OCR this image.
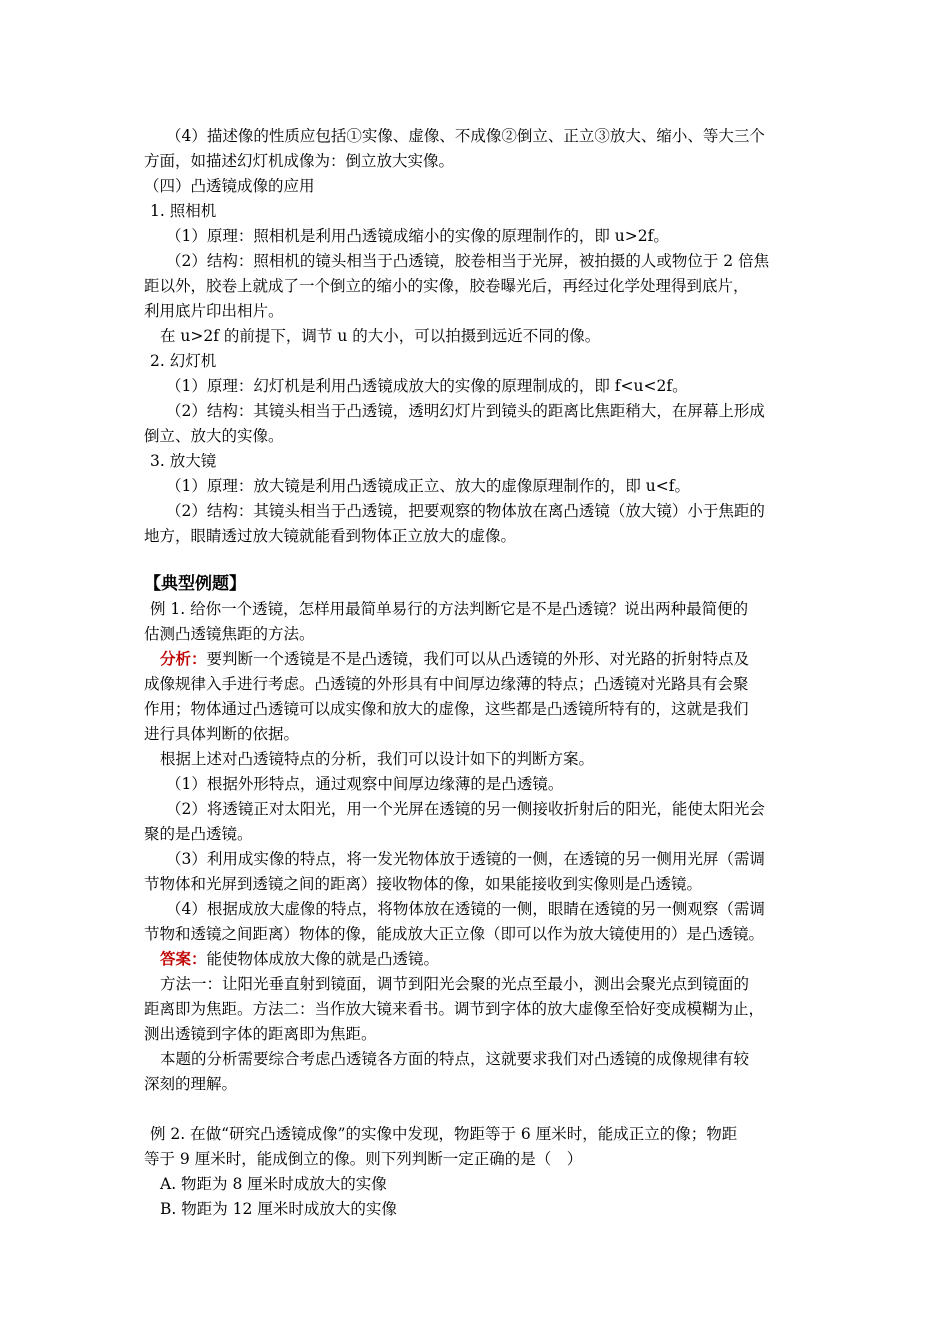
（4）描述像的性质应包括①实像、虚像、不成像②倒立、正立③放大、缩小、等大三个
方面，如描述幻灯机成像为：倒立放大实像。
（四）凸透镜成像的应用
1. 照相机
（1）原理：照相机是利用凸透镜成缩小的实像的原理制作的，即 u>2f。
（2）结构：照相机的镜头相当于凸透镜，胶卷相当于光屏，被拍摄的人或物位于 2 倍焦
距以外，胶卷上就成了一个倒立的缩小的实像，胶卷曝光后，再经过化学处理得到底片，
利用底片印出相片。
在 u>2f 的前提下，调节 u 的大小，可以拍摄到远近不同的像。
2. 幻灯机
（1）原理：幻灯机是利用凸透镜成放大的实像的原理制成的，即 f<u<2f。
（2）结构：其镜头相当于凸透镜，透明幻灯片到镜头的距离比焦距稍大，在屏幕上形成
倒立、放大的实像。
3. 放大镜
（1）原理：放大镜是利用凸透镜成正立、放大的虚像原理制作的，即 u<f。
（2）结构：其镜头相当于凸透镜，把要观察的物体放在离凸透镜（放大镜）小于焦距的
地方，眼睛透过放大镜就能看到物体正立放大的虚像。
【典型例题】
例 1. 给你一个透镜，怎样用最简单易行的方法判断它是不是凸透镜？说出两种最简便的
估测凸透镜焦距的方法。
分析：要判断一个透镜是不是凸透镜，我们可以从凸透镜的外形、对光路的折射特点及
成像规律入手进行考虑。凸透镜的外形具有中间厚边缘薄的特点；凸透镜对光路具有会聚
作用；物体通过凸透镜可以成实像和放大的虚像，这些都是凸透镜所特有的，这就是我们
进行具体判断的依据。
根据上述对凸透镜特点的分析，我们可以设计如下的判断方案。
（1）根据外形特点，通过观察中间厚边缘薄的是凸透镜。
（2）将透镜正对太阳光，用一个光屏在透镜的另一侧接收折射后的阳光，能使太阳光会
聚的是凸透镜。
（3）利用成实像的特点，将一发光物体放于透镜的一侧，在透镜的另一侧用光屏（需调
节物体和光屏到透镜之间的距离）接收物体的像，如果能接收到实像则是凸透镜。
（4）根据成放大虚像的特点，将物体放在透镜的一侧，眼睛在透镜的另一侧观察（需调
节物和透镜之间距离）物体的像，能成放大正立像（即可以作为放大镜使用的）是凸透镜。
答案：能使物体成放大像的就是凸透镜。
方法一：让阳光垂直射到镜面，调节到阳光会聚的光点至最小，测出会聚光点到镜面的
距离即为焦距。方法二：当作放大镜来看书。调节到字体的放大虚像至恰好变成模糊为止，
测出透镜到字体的距离即为焦距。
本题的分析需要综合考虑凸透镜各方面的特点，这就要求我们对凸透镜的成像规律有较
深刻的理解。
例 2. 在做“研究凸透镜成像”的实像中发现，物距等于 6 厘米时，能成正立的像；物距
等于 9 厘米时，能成倒立的像。则下列判断一定正确的是（　）
A. 物距为 8 厘米时成放大的实像
B. 物距为 12 厘米时成放大的实像
